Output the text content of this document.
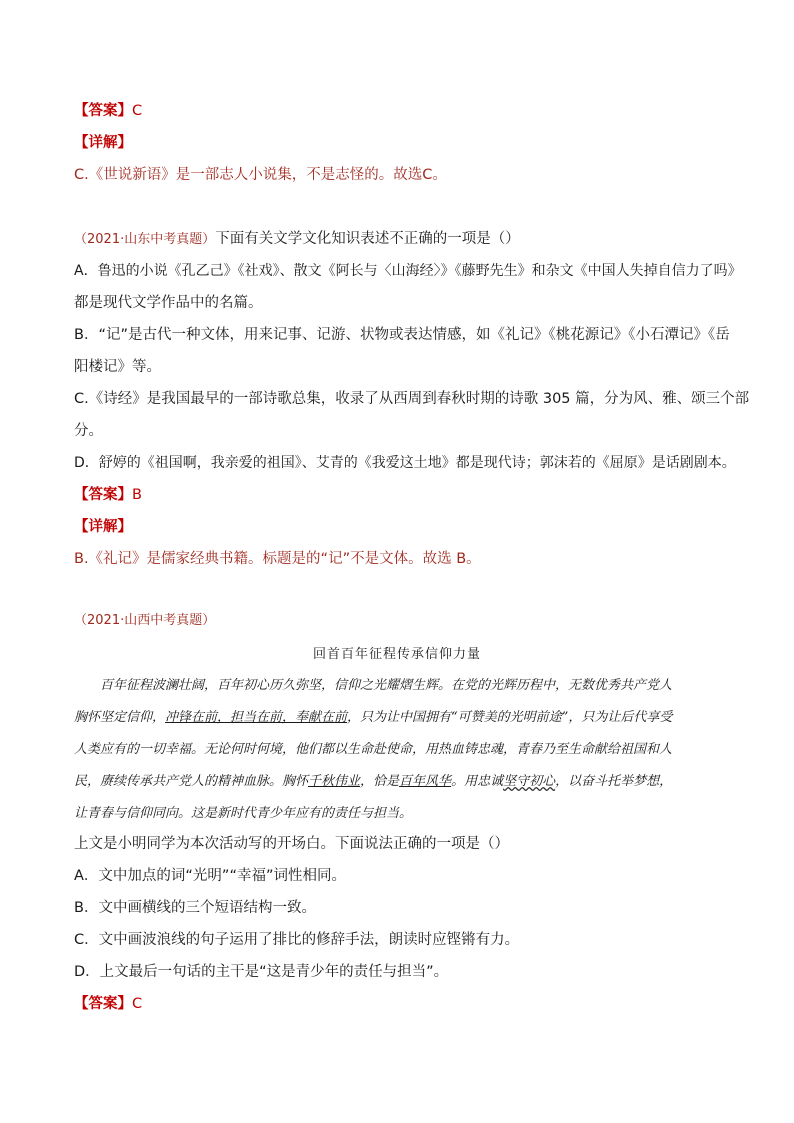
【答案】C
【详解】
C.《世说新语》是一部志人小说集，不是志怪的。故选C。
（2021·山东中考真题）下面有关文学文化知识表述不正确的一项是（）
A．鲁迅的小说《孔乙己》《社戏》、散文《阿长与〈山海经〉》《藤野先生》和杂文《中国人失掉自信力了吗》
都是现代文学作品中的名篇。
B．“记”是古代一种文体，用来记事、记游、状物或表达情感，如《礼记》《桃花源记》《小石潭记》《岳
阳楼记》等。
C.《诗经》是我国最早的一部诗歌总集，收录了从西周到春秋时期的诗歌 305 篇，分为风、雅、颂三个部
分。
D．舒婷的《祖国啊，我亲爱的祖国》、艾青的《我爱这土地》都是现代诗；郭沫若的《屈原》是话剧剧本。
【答案】B
【详解】
B.《礼记》是儒家经典书籍。标题是的“记”不是文体。故选 B。
（2021·山西中考真题）
回首百年征程传承信仰力量
百年征程波澜壮阔，百年初心历久弥坚，信仰之光耀熠生辉。在党的光辉历程中，无数优秀共产党人
胸怀坚定信仰，冲锋在前，担当在前，奉献在前，只为让中国拥有“可赞美的光明前途”，只为让后代享受
人类应有的一切幸福。无论何时何境，他们都以生命赴使命，用热血铸忠魂，青春乃至生命献给祖国和人
民，赓续传承共产党人的精神血脉。胸怀千秋伟业，恰是百年风华。用忠诚坚守初心，以奋斗托举梦想，
让青春与信仰同向。这是新时代青少年应有的责任与担当。
上文是小明同学为本次活动写的开场白。下面说法正确的一项是（）
A．文中加点的词“光明”“幸福”词性相同。
B．文中画横线的三个短语结构一致。
C．文中画波浪线的句子运用了排比的修辞手法，朗读时应铿锵有力。
D．上文最后一句话的主干是“这是青少年的责任与担当”。
【答案】C
